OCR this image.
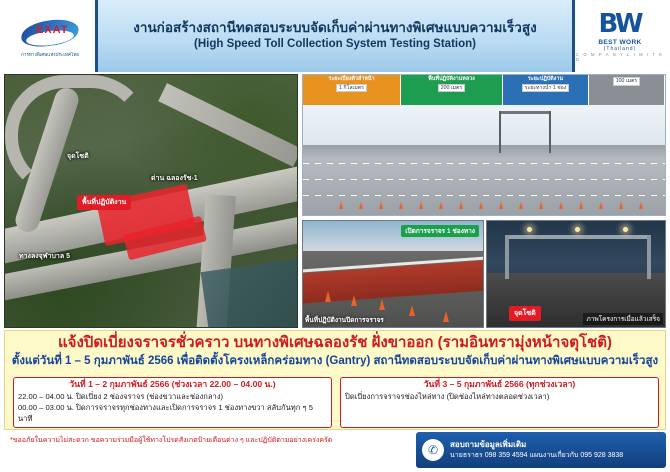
EXAT
การทางพิเศษแห่งประเทศไทย
งานก่อสร้างสถานีทดสอบระบบจัดเก็บค่าผ่านทางพิเศษแบบความเร็วสูง
(High Speed Toll Collection System Testing Station)
BW
BEST WORK
(Thailand)
C O M P A N Y L I M I T E D
จุดโซติ
ด่าน ฉลองรัช-1
พื้นที่ปฏิบัติงาน
ทางลงจุฬาบาล 5
ระยะเบี่ยงตัวลำหน้า
1 กิโลเมตร
พื้นที่ปฏิบัติงานหลวง
200 เมตร
ระยะปฏิบัติงาน
ระยะทางนำ 1 ช่อง
100 เมตร
เปิดการจราจร 1 ช่องทาง
พื้นที่ปฏิบัติงานปิดการจราจร
จุดโซติ
ภาพโครงการเมื่อแล้วเสร็จ
แจ้งปิดเบี่ยงจราจรชั่วคราว บนทางพิเศษฉลองรัช ฝั่งขาออก (รามอินทรามุ่งหน้าจตุโชติ)
ตั้งแต่วันที่ 1 – 5 กุมภาพันธ์ 2566 เพื่อติดตั้งโครงเหล็กคร่อมทาง (Gantry) สถานีทดสอบระบบจัดเก็บค่าผ่านทางพิเศษแบบความเร็วสูง
วันที่ 1 – 2 กุมภาพันธ์ 2566 (ช่วงเวลา 22.00 – 04.00 น.)
22.00 – 04.00 น. ปิดเบี่ยง 2 ช่องจราจร (ช่องขวาและช่องกลาง)
00.00 – 03.00 น. ปิดการจราจรทุกช่องทางและเปิดการจราจร 1 ช่องทางขวา สลับกันทุก ๆ 5 นาที
วันที่ 3 – 5 กุมภาพันธ์ 2566 (ทุกช่วงเวลา)
ปิดเบี่ยงการจราจรช่องไหล่ทาง (ปิดช่องไหล่ทางตลอดช่วงเวลา)
*ขออภัยในความไม่สะดวก ขอความร่วมมือผู้ใช้ทางโปรดสังเกตป้ายเตือนต่าง ๆ และปฏิบัติตามอย่างเคร่งครัด
✆	สอบถามข้อมูลเพิ่มเติม
นายธราธร 098 359 4594 แผนงานเกี่ยวกับ 095 928 3838
